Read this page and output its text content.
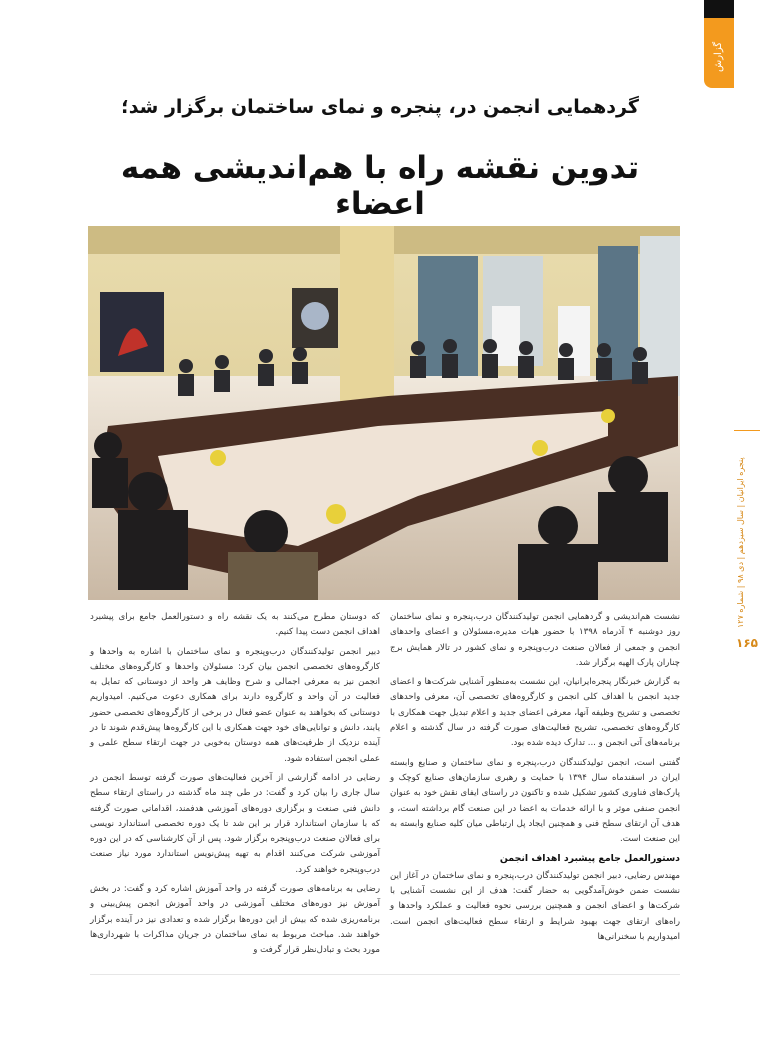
گزارش
پنجره ایرانیان | سال سیزدهم | دی ۹۸ | شماره ۱۲۷
۱۶۵
گردهمایی انجمن در، پنجره و نمای ساختمان برگزار شد؛
تدوین نقشه راه با هم‌اندیشی همه اعضاء

نشست هم‌اندیشی و گردهمایی انجمن تولیدکنندگان درب،پنجره و نمای ساختمان روز دوشنبه ۴ آذرماه ۱۳۹۸ با حضور هیات مدیره،مسئولان و اعضای واحدهای انجمن و جمعی از فعالان صنعت درب‌وپنجره و نمای کشور در تالار همایش برج چناران پارک الهیه برگزار شد.

به گزارش خبرنگار پنجره‌ایرانیان، این نشست به‌منظور آشنایی شرکت‌ها و اعضای جدید انجمن با اهداف کلی انجمن و کارگروه‌های تخصصی آن، معرفی واحدهای تخصصی و تشریح وظیفه آنها، معرفی اعضای جدید و اعلام تبدیل جهت همکاری با کارگروه‌های تخصصی، تشریح فعالیت‌های صورت گرفته در سال گذشته و اعلام برنامه‌های آتی انجمن و ... تدارک دیده شده بود.

گفتنی است، انجمن تولیدکنندگان درب،پنجره و نمای ساختمان و صنایع وابسته ایران در اسفندماه سال ۱۳۹۴ با حمایت و رهبری سازمان‌های صنایع کوچک و پارک‌های فناوری کشور تشکیل شده و تاکنون در راستای ایفای نقش خود به عنوان انجمن صنفی موثر و با ارائه خدمات به اعضا در این صنعت گام برداشته است، و هدف آن ارتقای سطح فنی و همچنین ایجاد پل ارتباطی میان کلیه صنایع وابسته به این صنعت است.

دستورالعمل جامع پیشبرد اهداف انجمن

مهندس رضایی، دبیر انجمن تولیدکنندگان درب،پنجره و نمای ساختمان در آغاز این نشست ضمن خوش‌آمدگویی به حضار گفت: هدف از این نشست آشنایی با شرکت‌ها و اعضای انجمن و همچنین بررسی نحوه فعالیت و عملکرد واحدها و راه‌های ارتقای جهت بهبود شرایط و ارتقاء سطح فعالیت‌های انجمن است. امیدواریم با سخنرانی‌ها

که دوستان مطرح می‌کنند به یک نقشه راه و دستورالعمل جامع برای پیشبرد اهداف انجمن دست پیدا کنیم.

دبیر انجمن تولیدکنندگان درب‌وپنجره و نمای ساختمان با اشاره به واحدها و کارگروه‌های تخصصی انجمن بیان کرد: مسئولان واحدها و کارگروه‌های مختلف انجمن نیز به معرفی اجمالی و شرح وظایف هر واحد از دوستانی که تمایل به فعالیت در آن واحد و کارگروه دارند برای همکاری دعوت می‌کنیم. امیدواریم دوستانی که بخواهند به عنوان عضو فعال در برخی از کارگروه‌های تخصصی حضور یابند، دانش و توانایی‌های خود جهت همکاری با این کارگروه‌ها پیش‌قدم شوند تا در آینده نزدیک از ظرفیت‌های همه دوستان به‌خوبی در جهت ارتقاء سطح علمی و عملی انجمن استفاده شود.

رضایی در ادامه گزارشی از آخرین فعالیت‌های صورت گرفته توسط انجمن در سال جاری را بیان کرد و گفت: در طی چند ماه گذشته در راستای ارتقاء سطح دانش فنی صنعت و برگزاری دوره‌های آموزشی هدفمند، اقداماتی صورت گرفته که با سازمان استاندارد قرار بر این شد تا یک دوره تخصصی استاندارد نویسی برای فعالان صنعت درب‌وپنجره برگزار شود. پس از آن کارشناسی که در این دوره آموزشی شرکت می‌کنند اقدام به تهیه پیش‌نویس استاندارد مورد نیاز صنعت درب‌وپنجره خواهند کرد.

رضایی به برنامه‌های صورت گرفته در واحد آموزش اشاره کرد و گفت: در بخش آموزش نیز دوره‌های مختلف آموزشی در واحد آموزش انجمن پیش‌بینی و برنامه‌ریزی شده که بیش از این دوره‌ها برگزار شده و تعدادی نیز در آینده برگزار خواهند شد. مباحث مربوط به نمای ساختمان در جریان مذاکرات با شهرداری‌ها مورد بحث و تبادل‌نظر قرار گرفت و
